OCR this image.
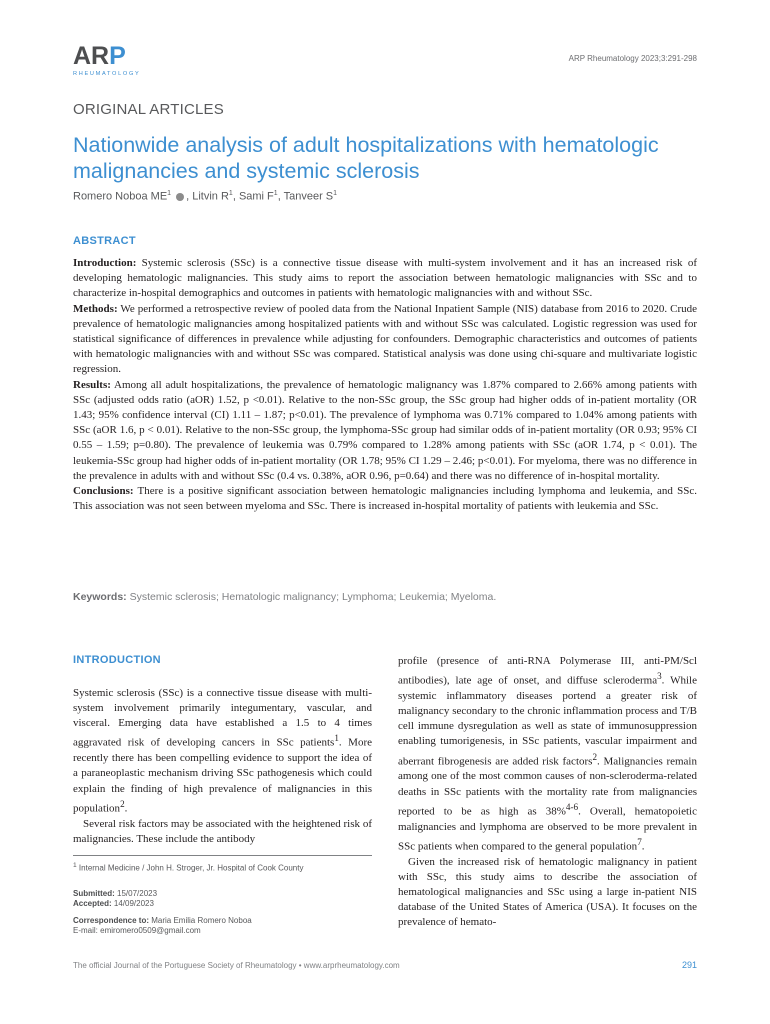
ARP
RHEUMATOLOGY
ARP Rheumatology 2023;3:291-298
ORIGINAL ARTICLES
Nationwide analysis of adult hospitalizations with hematologic malignancies and systemic sclerosis
Romero Noboa $ME^1$ , Litvin $R^1$, Sami $F^1$, Tanveer $S^1$
ABSTRACT

Introduction: Systemic sclerosis (SSc) is a connective tissue disease with multi-system involvement and it has an increased risk of developing hematologic malignancies. This study aims to report the association between hematologic malignancies with SSc and to characterize in-hospital demographics and outcomes in patients with hematologic malignancies with and without SSc.

Methods: We performed a retrospective review of pooled data from the National Inpatient Sample (NIS) database from 2016 to 2020. Crude prevalence of hematologic malignancies among hospitalized patients with and without SSc was calculated. Logistic regression was used for statistical significance of differences in prevalence while adjusting for confounders. Demographic characteristics and outcomes of patients with hematologic malignancies with and without SSc was compared. Statistical analysis was done using chi-square and multivariate logistic regression.

Results: Among all adult hospitalizations, the prevalence of hematologic malignancy was 1.87% compared to 2.66% among patients with SSc (adjusted odds ratio (aOR) 1.52, p <0.01). Relative to the non-SSc group, the SSc group had higher odds of in-patient mortality (OR 1.43; 95% confidence interval (CI) 1.11 – 1.87; p<0.01). The prevalence of lymphoma was 0.71% compared to 1.04% among patients with SSc (aOR 1.6, p < 0.01). Relative to the non-SSc group, the lymphoma-SSc group had similar odds of in-patient mortality (OR 0.93; 95% CI 0.55 – 1.59; p=0.80). The prevalence of leukemia was 0.79% compared to 1.28% among patients with SSc (aOR 1.74, p < 0.01). The leukemia-SSc group had higher odds of in-patient mortality (OR 1.78; 95% CI 1.29 – 2.46; p<0.01). For myeloma, there was no difference in the prevalence in adults with and without SSc (0.4 vs. 0.38%, aOR 0.96, p=0.64) and there was no difference of in-hospital mortality.

Conclusions: There is a positive significant association between hematologic malignancies including lymphoma and leukemia, and SSc. This association was not seen between myeloma and SSc. There is increased in-hospital mortality of patients with leukemia and SSc.

Keywords: Systemic sclerosis; Hematologic malignancy; Lymphoma; Leukemia; Myeloma.
INTRODUCTION

Systemic sclerosis (SSc) is a connective tissue disease with multi-system involvement primarily integumentary, vascular, and visceral. Emerging data have established a 1.5 to 4 times aggravated risk of developing cancers in SSc patients$^1$. More recently there has been compelling evidence to support the idea of a paraneoplastic mechanism driving SSc pathogenesis which could explain the finding of high prevalence of malignancies in this population$^2$.

Several risk factors may be associated with the heightened risk of malignancies. These include the antibody

$^1$ Internal Medicine / John H. Stroger, Jr. Hospital of Cook County
Submitted: 15/07/2023
Accepted: 14/09/2023
Correspondence to: Maria Emilia Romero Noboa
E-mail: emiromero0509@gmail.com

profile (presence of anti-RNA Polymerase III, anti-PM/Scl antibodies), late age of onset, and diffuse scleroderma$^3$. While systemic inflammatory diseases portend a greater risk of malignancy secondary to the chronic inflammation process and T/B cell immune dysregulation as well as state of immunosuppression enabling tumorigenesis, in SSc patients, vascular impairment and aberrant fibrogenesis are added risk factors$^2$. Malignancies remain among one of the most common causes of non-scleroderma-related deaths in SSc patients with the mortality rate from malignancies reported to be as high as 38%$^{4-6}$. Overall, hematopoietic malignancies and lymphoma are observed to be more prevalent in SSc patients when compared to the general population$^7$.

Given the increased risk of hematologic malignancy in patient with SSc, this study aims to describe the association of hematological malignancies and SSc using a large in-patient NIS database of the United States of America (USA). It focuses on the prevalence of hemato-

The official Journal of the Portuguese Society of Rheumatology • www.arprheumatology.com	291
